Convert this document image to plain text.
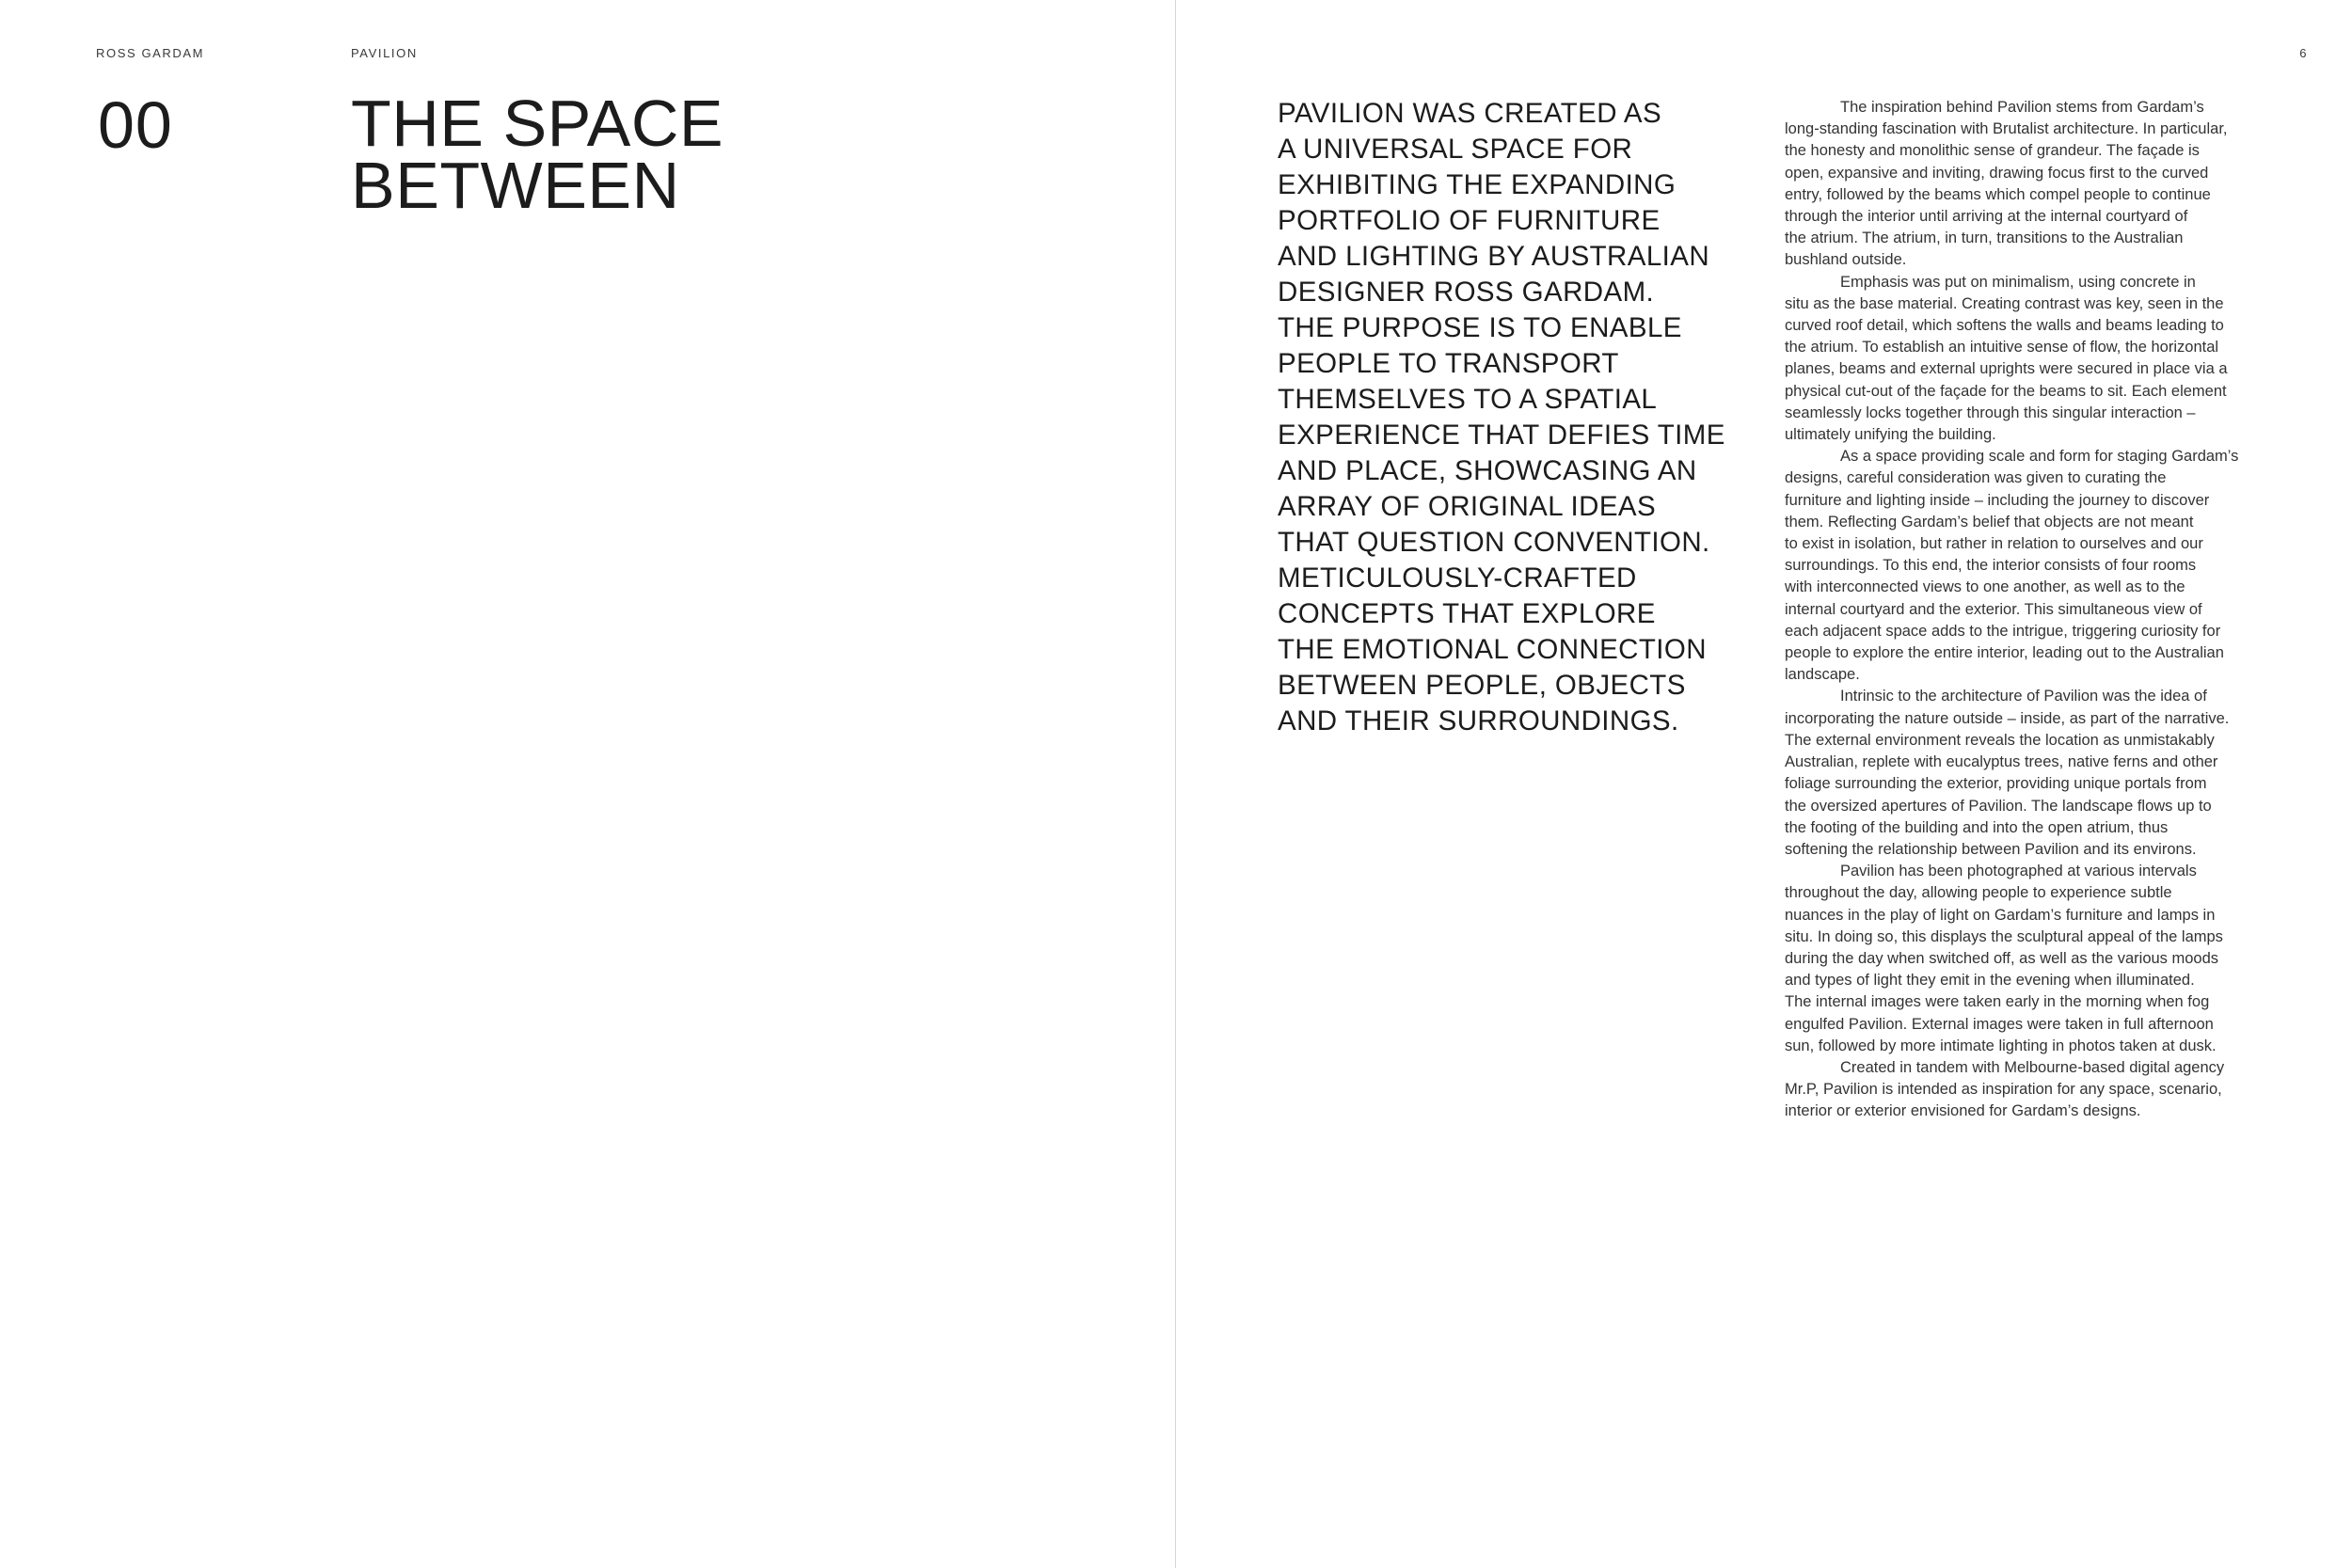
ROSS GARDAM	PAVILION
00	THE SPACE
BETWEEN
6
PAVILION WAS CREATED AS
A UNIVERSAL SPACE FOR
EXHIBITING THE EXPANDING
PORTFOLIO OF FURNITURE
AND LIGHTING BY AUSTRALIAN
DESIGNER ROSS GARDAM.
THE PURPOSE IS TO ENABLE
PEOPLE TO TRANSPORT
THEMSELVES TO A SPATIAL
EXPERIENCE THAT DEFIES TIME
AND PLACE, SHOWCASING AN
ARRAY OF ORIGINAL IDEAS
THAT QUESTION CONVENTION.
METICULOUSLY-CRAFTED
CONCEPTS THAT EXPLORE
THE EMOTIONAL CONNECTION
BETWEEN PEOPLE, OBJECTS
AND THEIR SURROUNDINGS.
The inspiration behind Pavilion stems from Gardam’s
long-standing fascination with Brutalist architecture. In particular,
the honesty and monolithic sense of grandeur. The façade is
open, expansive and inviting, drawing focus first to the curved
entry, followed by the beams which compel people to continue
through the interior until arriving at the internal courtyard of
the atrium. The atrium, in turn, transitions to the Australian
bushland outside.
Emphasis was put on minimalism, using concrete in
situ as the base material. Creating contrast was key, seen in the
curved roof detail, which softens the walls and beams leading to
the atrium. To establish an intuitive sense of flow, the horizontal
planes, beams and external uprights were secured in place via a
physical cut-out of the façade for the beams to sit. Each element
seamlessly locks together through this singular interaction –
ultimately unifying the building.
As a space providing scale and form for staging Gardam’s
designs, careful consideration was given to curating the
furniture and lighting inside – including the journey to discover
them. Reflecting Gardam’s belief that objects are not meant
to exist in isolation, but rather in relation to ourselves and our
surroundings. To this end, the interior consists of four rooms
with interconnected views to one another, as well as to the
internal courtyard and the exterior. This simultaneous view of
each adjacent space adds to the intrigue, triggering curiosity for
people to explore the entire interior, leading out to the Australian
landscape.
Intrinsic to the architecture of Pavilion was the idea of
incorporating the nature outside – inside, as part of the narrative.
The external environment reveals the location as unmistakably
Australian, replete with eucalyptus trees, native ferns and other
foliage surrounding the exterior, providing unique portals from
the oversized apertures of Pavilion. The landscape flows up to
the footing of the building and into the open atrium, thus
softening the relationship between Pavilion and its environs.
Pavilion has been photographed at various intervals
throughout the day, allowing people to experience subtle
nuances in the play of light on Gardam’s furniture and lamps in
situ. In doing so, this displays the sculptural appeal of the lamps
during the day when switched off, as well as the various moods
and types of light they emit in the evening when illuminated.
The internal images were taken early in the morning when fog
engulfed Pavilion. External images were taken in full afternoon
sun, followed by more intimate lighting in photos taken at dusk.
Created in tandem with Melbourne-based digital agency
Mr.P, Pavilion is intended as inspiration for any space, scenario,
interior or exterior envisioned for Gardam’s designs.
